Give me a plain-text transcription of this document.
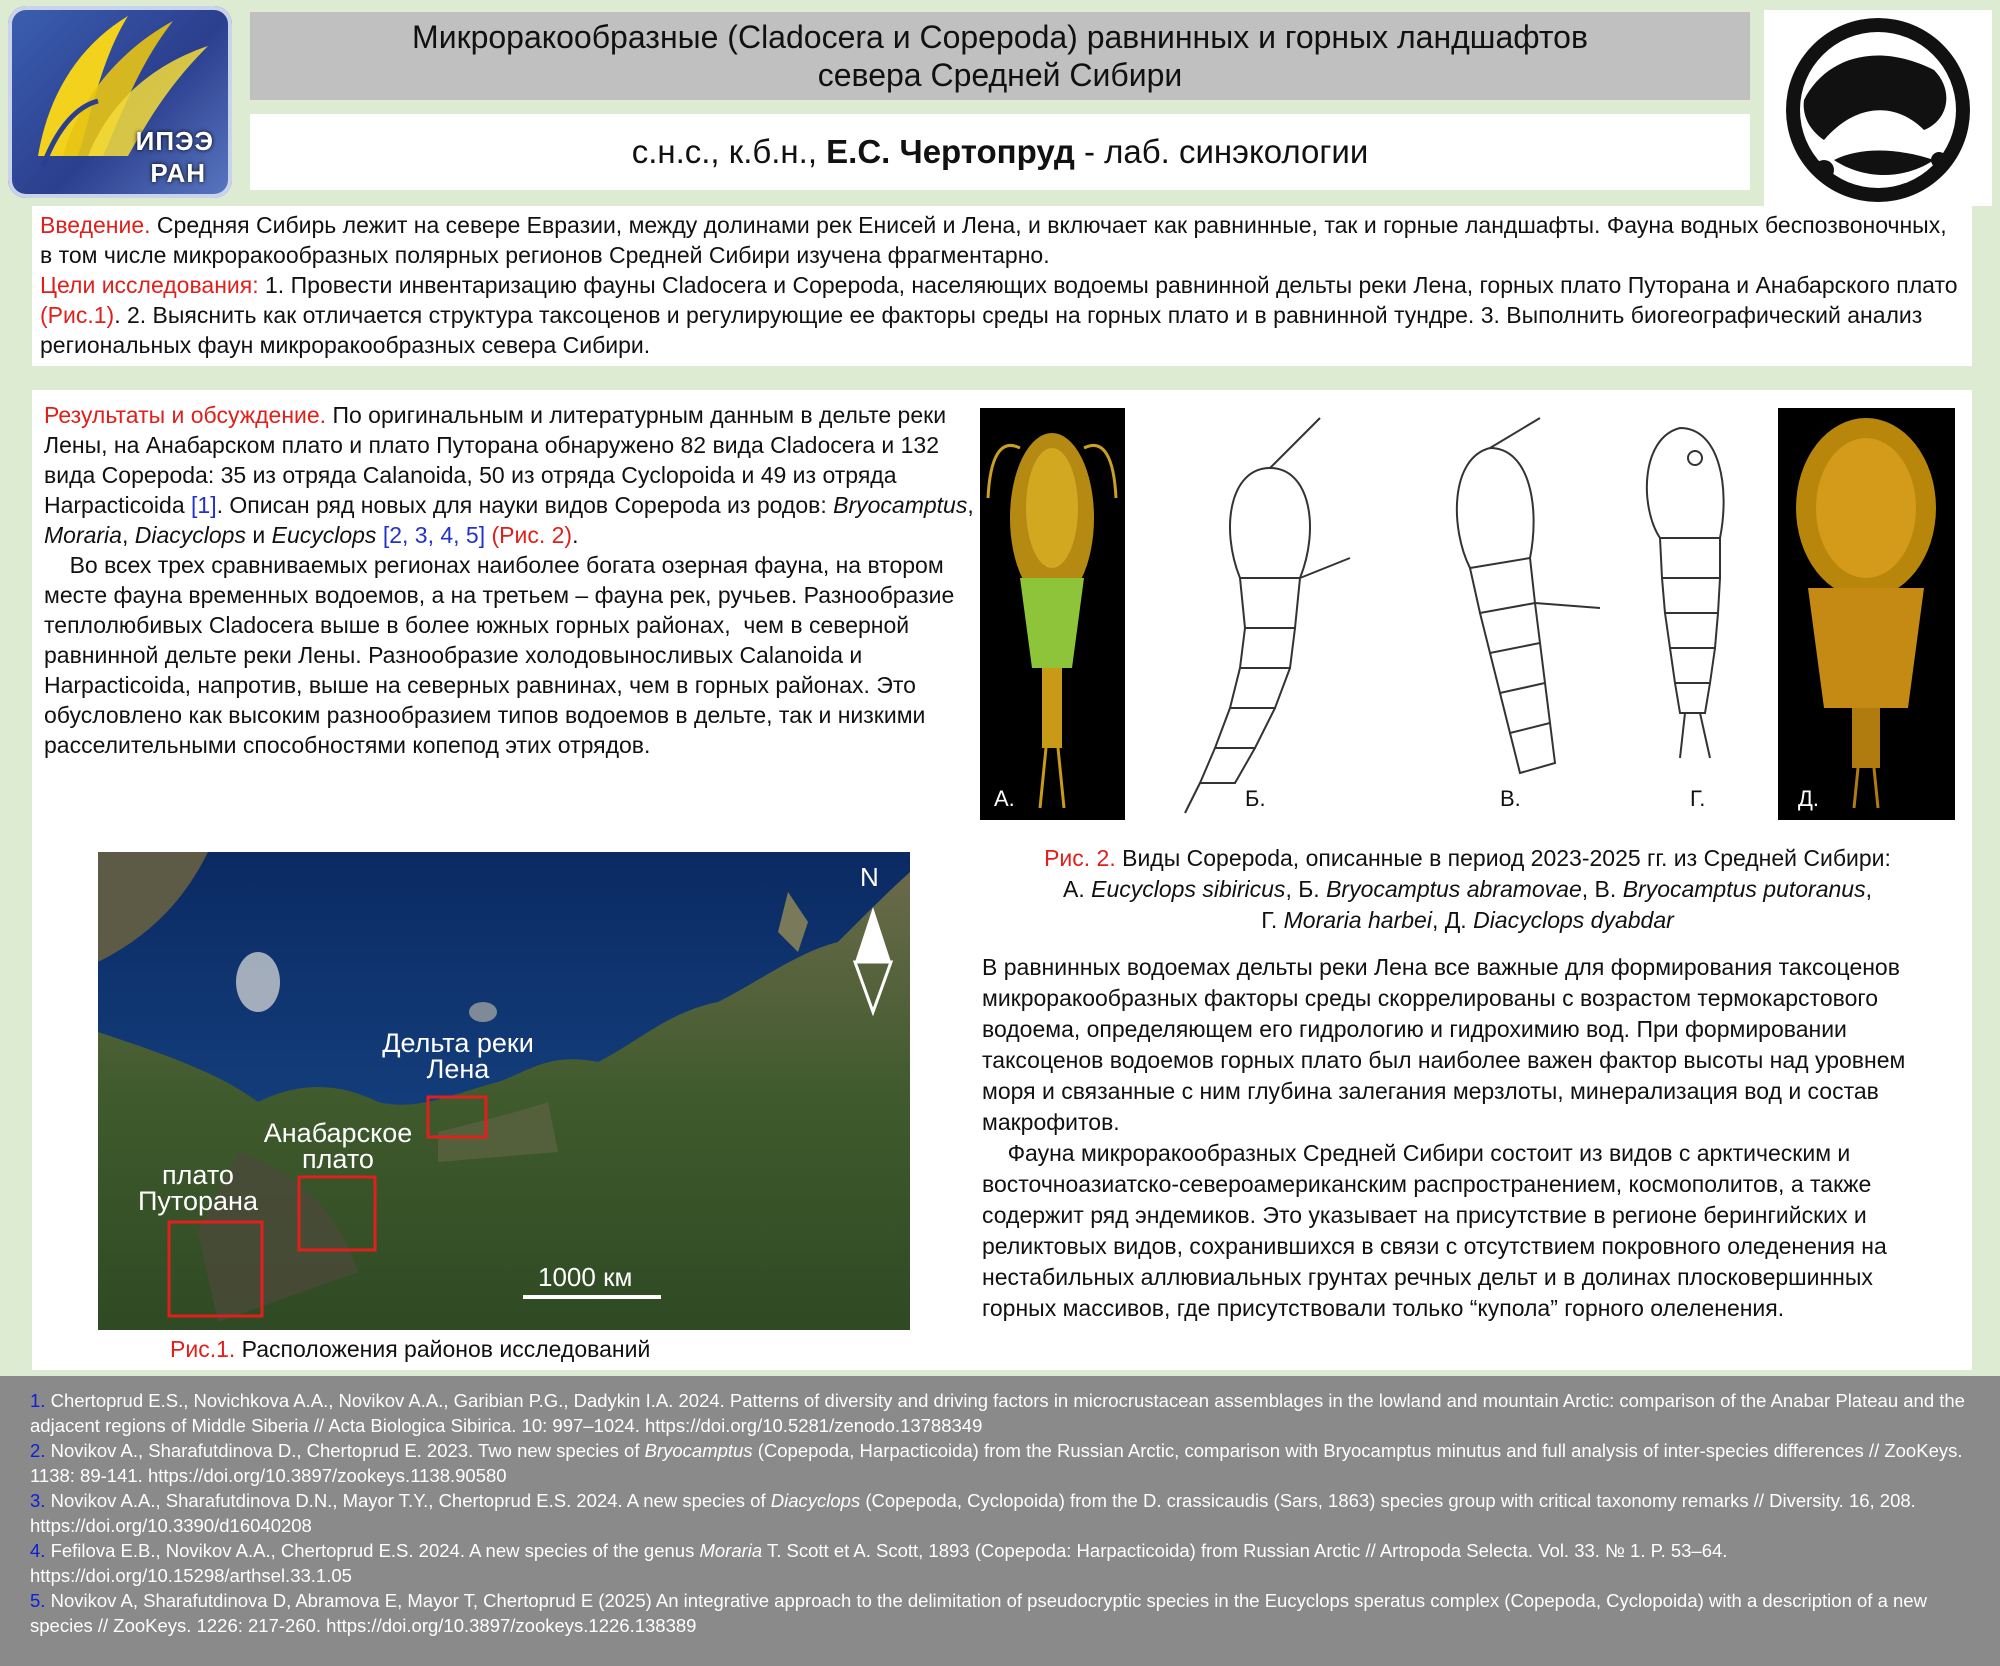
ИПЭЭ
РАН
Микроракообразные (Cladocera и Copepoda) равнинных и горных ландшафтов
севера Средней Сибири
с.н.с., к.б.н., Е.С. Чертопруд - лаб. синэкологии
Введение. Средняя Сибирь лежит на севере Евразии, между долинами рек Енисей и Лена, и включает как равнинные, так и горные ландшафты. Фауна водных беспозвоночных, в том числе микроракообразных полярных регионов Средней Сибири изучена фрагментарно.
Цели исследования: 1. Провести инвентаризацию фауны Cladocera и Copepoda, населяющих водоемы равнинной дельты реки Лена, горных плато Путорана и Анабарского плато (Рис.1). 2. Выяснить как отличается структура таксоценов и регулирующие ее факторы среды на горных плато и в равнинной тундре. 3. Выполнить биогеографический анализ региональных фаун микроракообразных севера Сибири.

Результаты и обсуждение. По оригинальным и литературным данным в дельте реки Лены, на Анабарском плато и плато Путорана обнаружено 82 вида Cladocera и 132 вида Copepoda: 35 из отряда Calanoida, 50 из отряда Cyclopoida и 49 из отряда Harpacticoida [1]. Описан ряд новых для науки видов Copepoda из родов: Bryocamptus, Moraria, Diacyclops и Eucyclops [2, 3, 4, 5] (Рис. 2).

Во всех трех сравниваемых регионах наиболее богата озерная фауна, на втором месте фауна временных водоемов, а на третьем – фауна рек, ручьев. Разнообразие теплолюбивых Cladocera выше в более южных горных районах,  чем в северной равнинной дельте реки Лены. Разнообразие холодовыносливых Calanoida и Harpacticoida, напротив, выше на северных равнинах, чем в горных районах. Это обусловлено как высоким разнообразием типов водоемов в дельте, так и низкими расселительными способностями копепод этих отрядов.

N
Дельта реки
Лена
Анабарское
плато
плато
Путорана
1000 км
Рис.1. Расположения районов исследований
А.	Б.	В.	Г.	Д.
Рис. 2. Виды Copepoda, описанные в период 2023-2025 гг. из Средней Сибири:
А. Eucyclops sibiricus, Б. Bryocamptus abramovae, В. Bryocamptus putoranus,
Г. Moraria harbei, Д. Diacyclops dyabdar

В равнинных водоемах дельты реки Лена все важные для формирования таксоценов микроракообразных факторы среды скоррелированы с возрастом термокарстового водоема, определяющем его гидрологию и гидрохимию вод. При формировании таксоценов водоемов горных плато был наиболее важен фактор высоты над уровнем моря и связанные с ним глубина залегания мерзлоты, минерализация вод и состав макрофитов.

Фауна микроракообразных Средней Сибири состоит из видов с арктическим и восточноазиатско-североамериканским распространением, космополитов, а также содержит ряд эндемиков. Это указывает на присутствие в регионе берингийских и реликтовых видов, сохранившихся в связи с отсутствием покровного оледенения на нестабильных аллювиальных грунтах речных дельт и в долинах плосковершинных горных массивов, где присутствовали только “купола” горного олеленения.

1. Chertoprud E.S., Novichkova A.A., Novikov A.A., Garibian P.G., Dadykin I.A. 2024. Patterns of diversity and driving factors in microcrustacean assemblages in the lowland and mountain Arctic: comparison of the Anabar Plateau and the adjacent regions of Middle Siberia // Acta Biologica Sibirica. 10: 997–1024. https://doi.org/10.5281/zenodo.13788349
2. Novikov A., Sharafutdinova D., Chertoprud E. 2023. Two new species of Bryocamptus (Copepoda, Harpacticoida) from the Russian Arctic, comparison with Bryocamptus minutus and full analysis of inter-species differences // ZooKeys. 1138: 89-141. https://doi.org/10.3897/zookeys.1138.90580
3. Novikov A.A., Sharafutdinova D.N., Mayor T.Y., Chertoprud E.S. 2024. A new species of Diacyclops (Copepoda, Cyclopoida) from the D. crassicaudis (Sars, 1863) species group with critical taxonomy remarks // Diversity. 16, 208. https://doi.org/10.3390/d16040208
4. Fefilova E.B., Novikov A.A., Chertoprud E.S. 2024. A new species of the genus Moraria T. Scott et A. Scott, 1893 (Copepoda: Harpacticoida) from Russian Arctic // Artropoda Selecta. Vol. 33. № 1. P. 53–64. https://doi.org/10.15298/arthsel.33.1.05
5. Novikov A, Sharafutdinova D, Abramova E, Mayor T, Chertoprud E (2025) An integrative approach to the delimitation of pseudocryptic species in the Eucyclops speratus complex (Copepoda, Cyclopoida) with a description of a new species // ZooKeys. 1226: 217-260. https://doi.org/10.3897/zookeys.1226.138389
